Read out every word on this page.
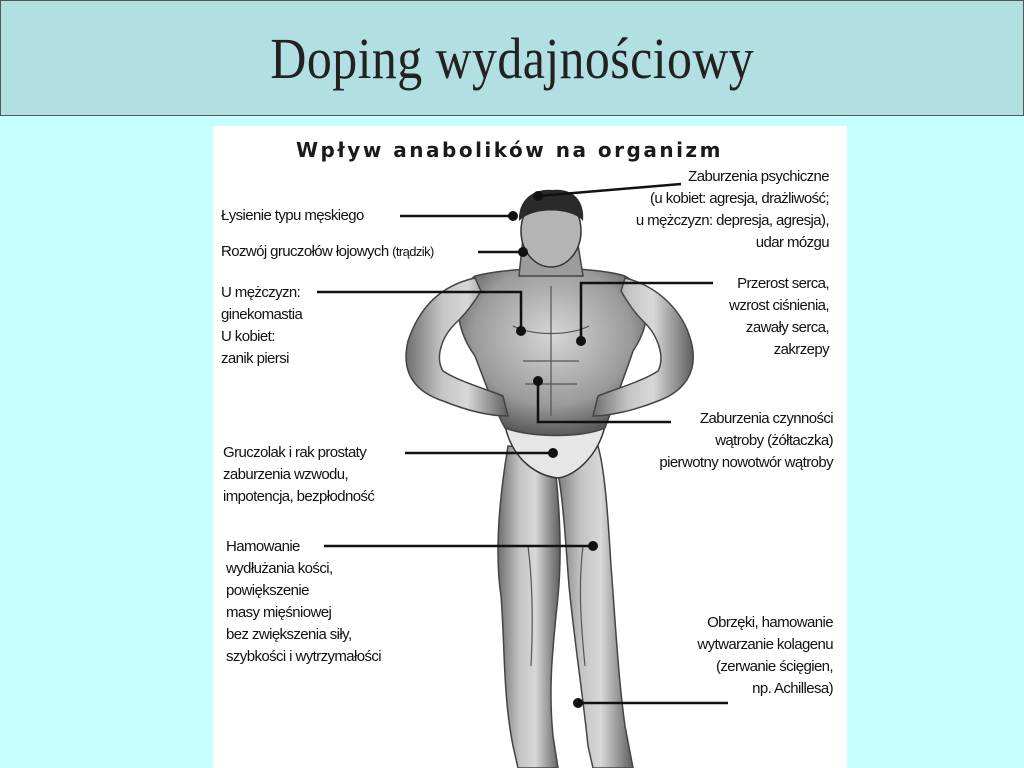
Doping wydajnościowy
Wpływ anabolików na organizm
Łysienie typu męskiego
Rozwój gruczołów łojowych (trądzik)
U mężczyzn:
ginekomastia
U kobiet:
zanik piersi
Gruczolak i rak prostaty
zaburzenia wzwodu,
impotencja, bezpłodność
Hamowanie
wydłużania kości,
powiększenie
masy mięśniowej
bez zwiększenia siły,
szybkości i wytrzymałości
Zaburzenia psychiczne
(u kobiet: agresja, drażliwość;
u mężczyzn: depresja, agresja),
udar mózgu
Przerost serca,
wzrost ciśnienia,
zawały serca,
zakrzepy
Zaburzenia czynności
wątroby (żółtaczka)
pierwotny nowotwór wątroby
Obrzęki, hamowanie
wytwarzanie kolagenu
(zerwanie ścięgien,
np. Achillesa)
